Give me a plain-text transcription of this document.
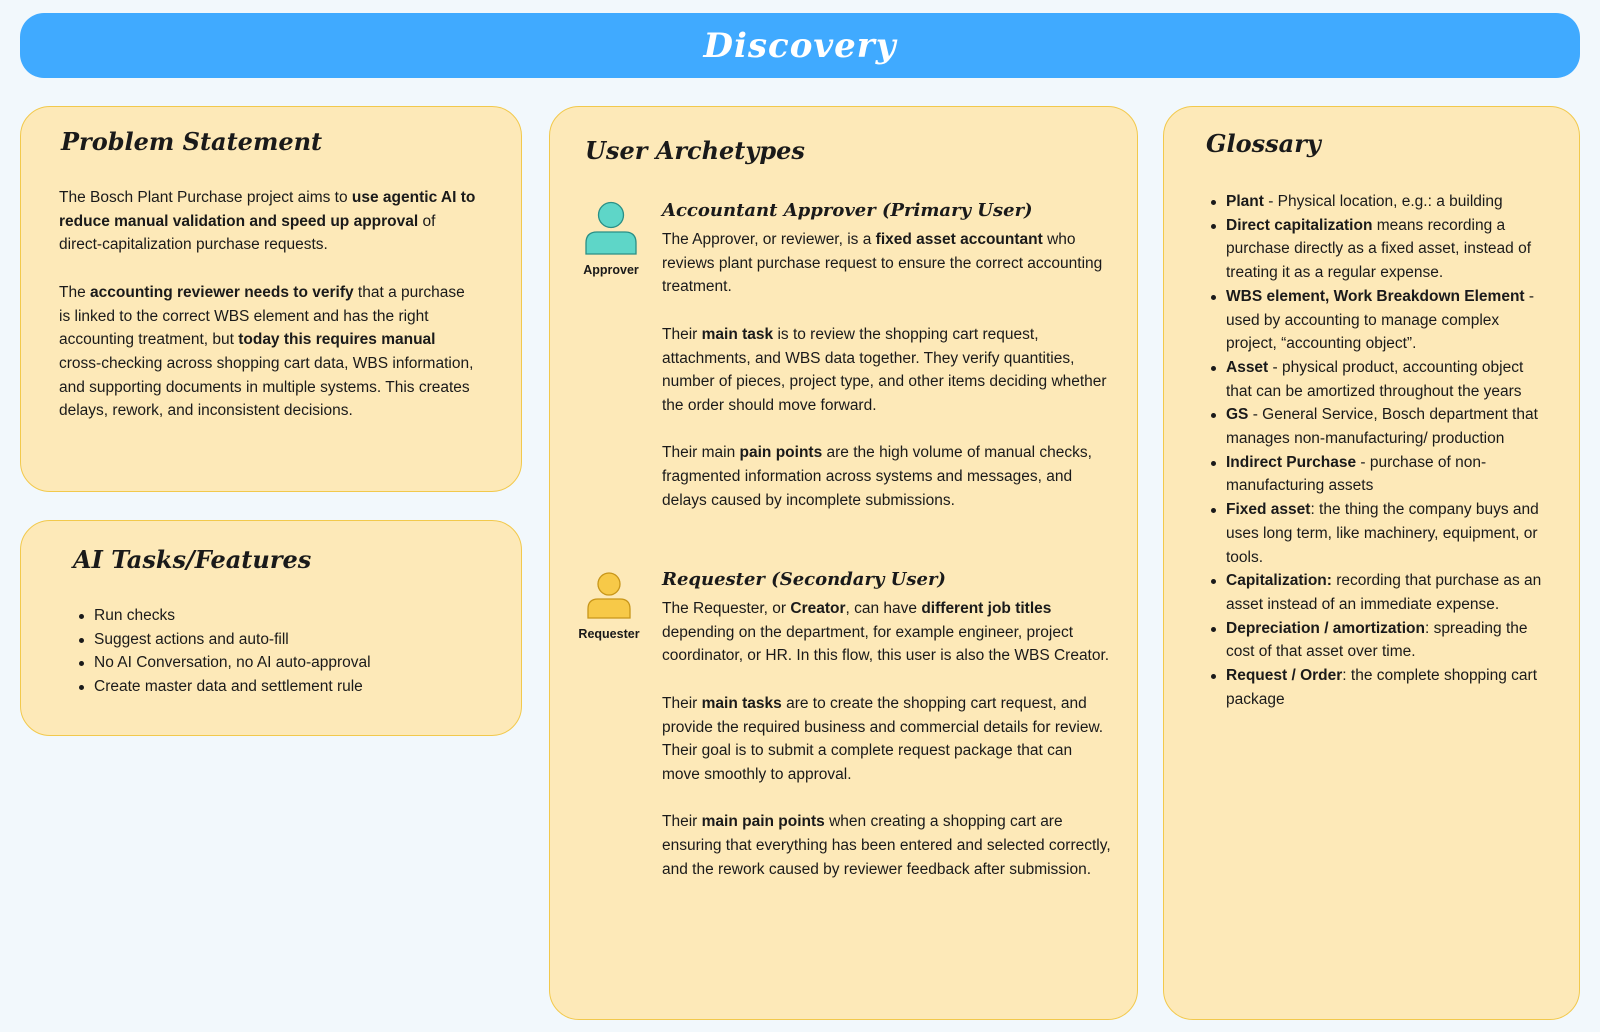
Discovery
Problem Statement

The Bosch Plant Purchase project aims to use agentic AI to reduce manual validation and speed up approval of direct-capitalization purchase requests.

The accounting reviewer needs to verify that a purchase is linked to the correct WBS element and has the right accounting treatment, but today this requires manual cross-checking across shopping cart data, WBS information, and supporting documents in multiple systems. This creates delays, rework, and inconsistent decisions.

AI Tasks/Features
Run checks
Suggest actions and auto-fill
No AI Conversation, no AI auto-approval
Create master data and settlement rule
User Archetypes
Approver
Accountant Approver (Primary User)

The Approver, or reviewer, is a fixed asset accountant who reviews plant purchase request to ensure the correct accounting treatment.

Their main task is to review the shopping cart request, attachments, and WBS data together. They verify quantities, number of pieces, project type, and other items deciding whether the order should move forward.

Their main pain points are the high volume of manual checks, fragmented information across systems and messages, and delays caused by incomplete submissions.

Requester
Requester (Secondary User)

The Requester, or Creator, can have different job titles depending on the department, for example engineer, project coordinator, or HR. In this flow, this user is also the WBS Creator.

Their main tasks are to create the shopping cart request, and provide the required business and commercial details for review. Their goal is to submit a complete request package that can move smoothly to approval.

Their main pain points when creating a shopping cart are ensuring that everything has been entered and selected correctly, and the rework caused by reviewer feedback after submission.

Glossary
Plant - Physical location, e.g.: a building
Direct capitalization means recording a purchase directly as a fixed asset, instead of treating it as a regular expense.
WBS element, Work Breakdown Element - used by accounting to manage complex project, “accounting object”.
Asset - physical product, accounting object that can be amortized throughout the years
GS - General Service, Bosch department that manages non-manufacturing/ production
Indirect Purchase - purchase of non-manufacturing assets
Fixed asset: the thing the company buys and uses long term, like machinery, equipment, or tools.
Capitalization: recording that purchase as an asset instead of an immediate expense.
Depreciation / amortization: spreading the cost of that asset over time.
Request / Order: the complete shopping cart package
